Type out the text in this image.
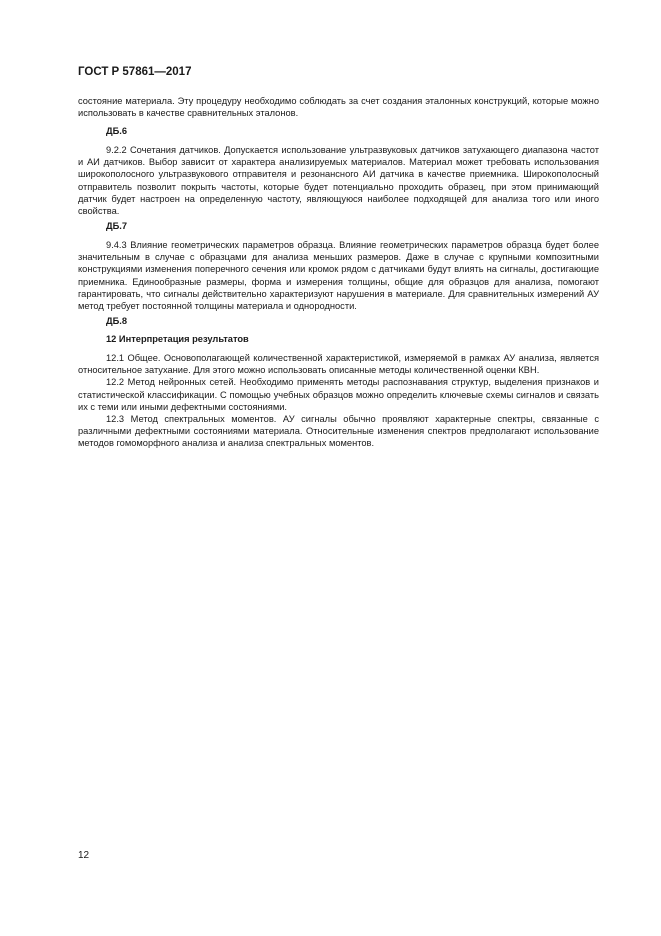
ГОСТ Р 57861—2017

состояние материала. Эту процедуру необходимо соблюдать за счет создания эталонных конструкций, которые можно использовать в качестве сравнительных эталонов.

ДБ.6

9.2.2 Сочетания датчиков. Допускается использование ультразвуковых датчиков затухающего диапазона частот и АИ датчиков. Выбор зависит от характера анализируемых материалов. Материал может требовать использования широкополосного ультразвукового отправителя и резонансного АИ датчика в качестве приемника. Широкополосный отправитель позволит покрыть частоты, которые будет потенциально проходить образец, при этом принимающий датчик будет настроен на определенную частоту, являющуюся наиболее подходящей для анализа того или иного свойства.

ДБ.7

9.4.3 Влияние геометрических параметров образца. Влияние геометрических параметров образца будет более значительным в случае с образцами для анализа меньших размеров. Даже в случае с крупными композитными конструкциями изменения поперечного сечения или кромок рядом с датчиками будут влиять на сигналы, достигающие приемника. Единообразные размеры, форма и измерения толщины, общие для образцов для анализа, помогают гарантировать, что сигналы действительно характеризуют нарушения в материале. Для сравнительных измерений АУ метод требует постоянной толщины материала и однородности.

ДБ.8
12 Интерпретация результатов

12.1 Общее. Основополагающей количественной характеристикой, измеряемой в рамках АУ анализа, является относительное затухание. Для этого можно использовать описанные методы количественной оценки КВН.

12.2 Метод нейронных сетей. Необходимо применять методы распознавания структур, выделения признаков и статистической классификации. С помощью учебных образцов можно определить ключевые схемы сигналов и связать их с теми или иными дефектными состояниями.

12.3 Метод спектральных моментов. АУ сигналы обычно проявляют характерные спектры, связанные с различными дефектными состояниями материала. Относительные изменения спектров предполагают использование методов гомоморфного анализа и анализа спектральных моментов.

12
